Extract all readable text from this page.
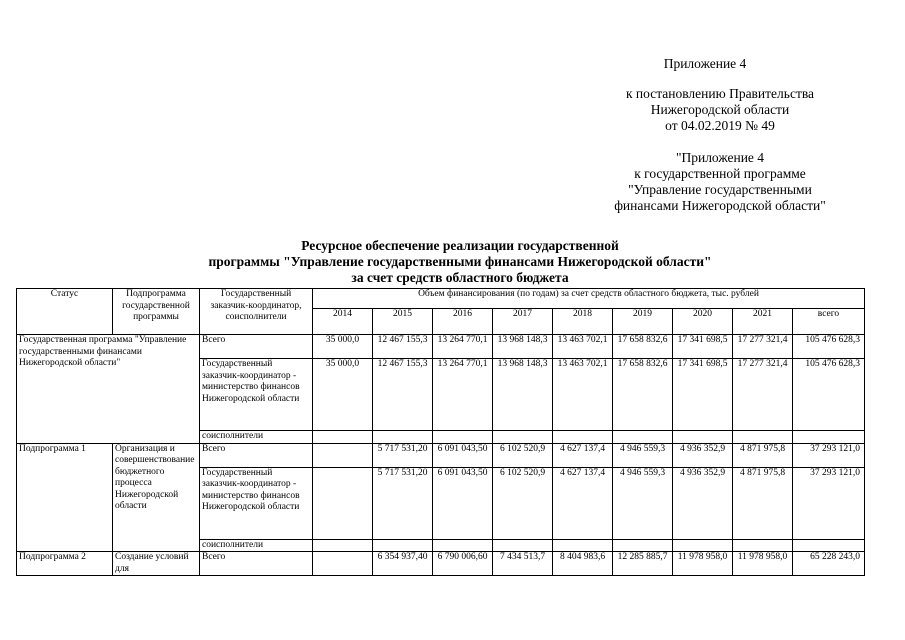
Приложение 4
к постановлению Правительства
Нижегородской области
от 04.02.2019 № 49
"Приложение 4
к государственной программе
"Управление государственными
финансами Нижегородской области"
Ресурсное обеспечение реализации государственной
программы "Управление государственными финансами Нижегородской области"
за счет средств областного бюджета
Статус	Подпрограмма государственной программы	Государственный заказчик-координатор, соисполнители	Объем финансирования (по годам) за счет средств областного бюджета, тыс. рублей								
			2014	2015	2016	2017	2018	2019	2020	2021	всего
Государственная программа "Управление государственными финансами Нижегородской области"		Всего	35 000,0	12 467 155,3	13 264 770,1	13 968 148,3	13 463 702,1	17 658 832,6	17 341 698,5	17 277 321,4	105 476 628,3
		Государственный заказчик-координатор - министерство финансов Нижегородской области	35 000,0	12 467 155,3	13 264 770,1	13 968 148,3	13 463 702,1	17 658 832,6	17 341 698,5	17 277 321,4	105 476 628,3
		соисполнители									
Подпрограмма 1	Организация и совершенствование бюджетного процесса Нижегородской области	Всего		5 717 531,20	6 091 043,50	6 102 520,9	4 627 137,4	4 946 559,3	4 936 352,9	4 871 975,8	37 293 121,0
		Государственный заказчик-координатор - министерство финансов Нижегородской области		5 717 531,20	6 091 043,50	6 102 520,9	4 627 137,4	4 946 559,3	4 936 352,9	4 871 975,8	37 293 121,0
		соисполнители									
Подпрограмма 2	Создание условий для	Всего		6 354 937,40	6 790 006,60	7 434 513,7	8 404 983,6	12 285 885,7	11 978 958,0	11 978 958,0	65 228 243,0
